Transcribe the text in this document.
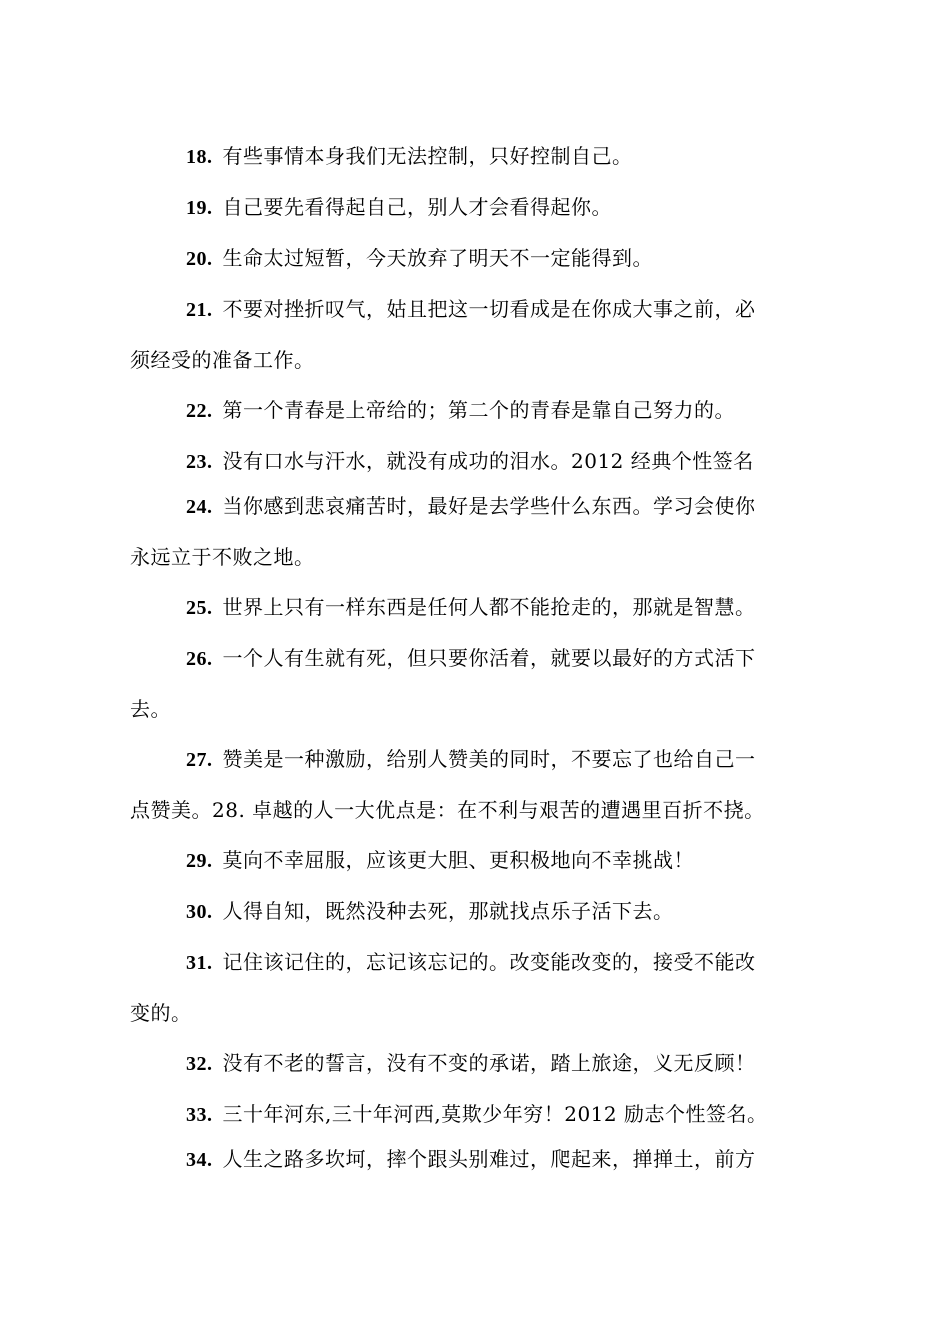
18. 有些事情本身我们无法控制，只好控制自己。

19. 自己要先看得起自己，别人才会看得起你。

20. 生命太过短暂，今天放弃了明天不一定能得到。

21. 不要对挫折叹气，姑且把这一切看成是在你成大事之前，必
须经受的准备工作。

22. 第一个青春是上帝给的；第二个的青春是靠自己努力的。

23. 没有口水与汗水，就没有成功的泪水。2012 经典个性签名

24. 当你感到悲哀痛苦时，最好是去学些什么东西。学习会使你
永远立于不败之地。

25. 世界上只有一样东西是任何人都不能抢走的，那就是智慧。

26. 一个人有生就有死，但只要你活着，就要以最好的方式活下
去。

27. 赞美是一种激励，给别人赞美的同时，不要忘了也给自己一
点赞美。28. 卓越的人一大优点是：在不利与艰苦的遭遇里百折不挠。

29. 莫向不幸屈服，应该更大胆、更积极地向不幸挑战！

30. 人得自知，既然没种去死，那就找点乐子活下去。

31. 记住该记住的，忘记该忘记的。改变能改变的，接受不能改
变的。

32. 没有不老的誓言，没有不变的承诺，踏上旅途，义无反顾！

33. 三十年河东,三十年河西,莫欺少年穷！2012 励志个性签名。

34. 人生之路多坎坷，摔个跟头别难过，爬起来，掸掸土，前方
